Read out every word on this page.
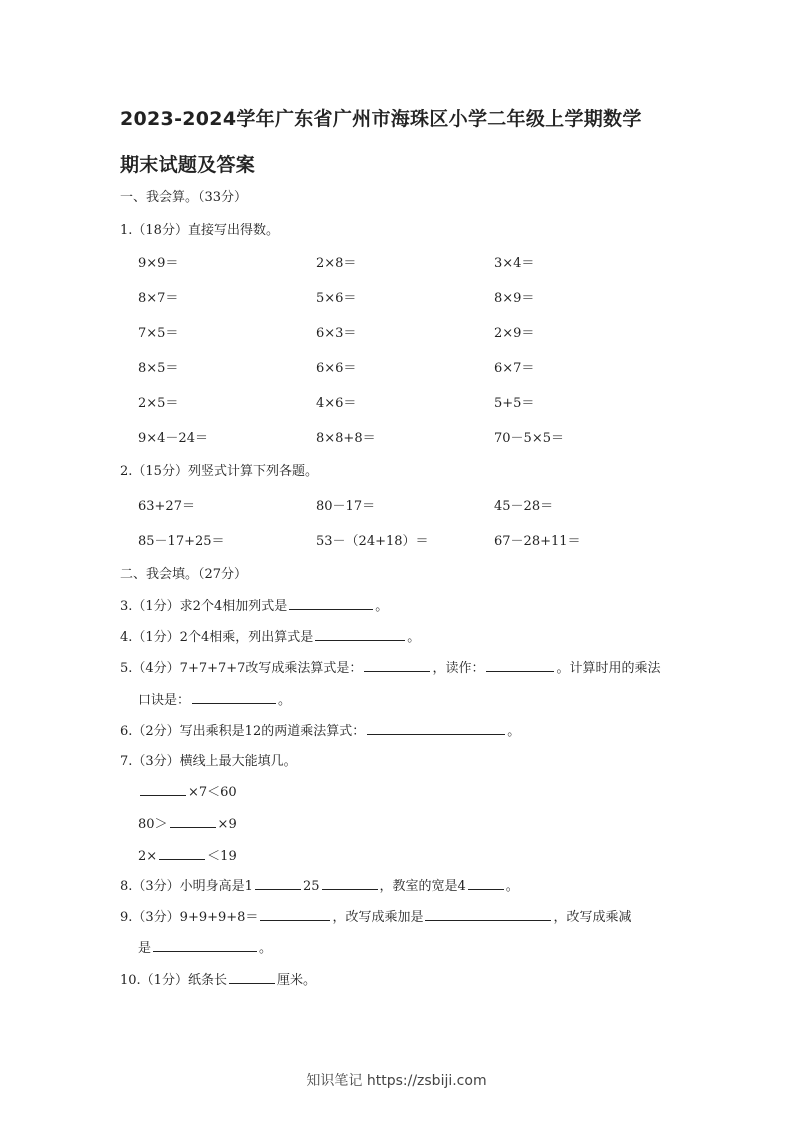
2023-2024学年广东省广州市海珠区小学二年级上学期数学
期末试题及答案
一、我会算。（33分）
1.（18分）直接写出得数。
9×9＝	2×8＝	3×4＝
8×7＝	5×6＝	8×9＝
7×5＝	6×3＝	2×9＝
8×5＝	6×6＝	6×7＝
2×5＝	4×6＝	5+5＝
9×4－24＝	8×8+8＝	70－5×5＝
2.（15分）列竖式计算下列各题。
63+27＝	80－17＝	45－28＝
85－17+25＝	53－（24+18）＝	67－28+11＝
二、我会填。（27分）
3.（1分）求2个4相加列式是	。
4.（1分）2个4相乘，列出算式是	。
5.（4分）7+7+7+7改写成乘法算式是：	，读作：	。计算时用的乘法
口诀是：	。
6.（2分）写出乘积是12的两道乘法算式：	。
7.（3分）横线上最大能填几。
×7＜60
80＞	×9
2×	＜19
8.（3分）小明身高是1	25	，教室的宽是4	。
9.（3分）9+9+9+8＝	，改写成乘加是	，改写成乘减
是	。
10.（1分）纸条长	厘米。
知识笔记 https://zsbiji.com
